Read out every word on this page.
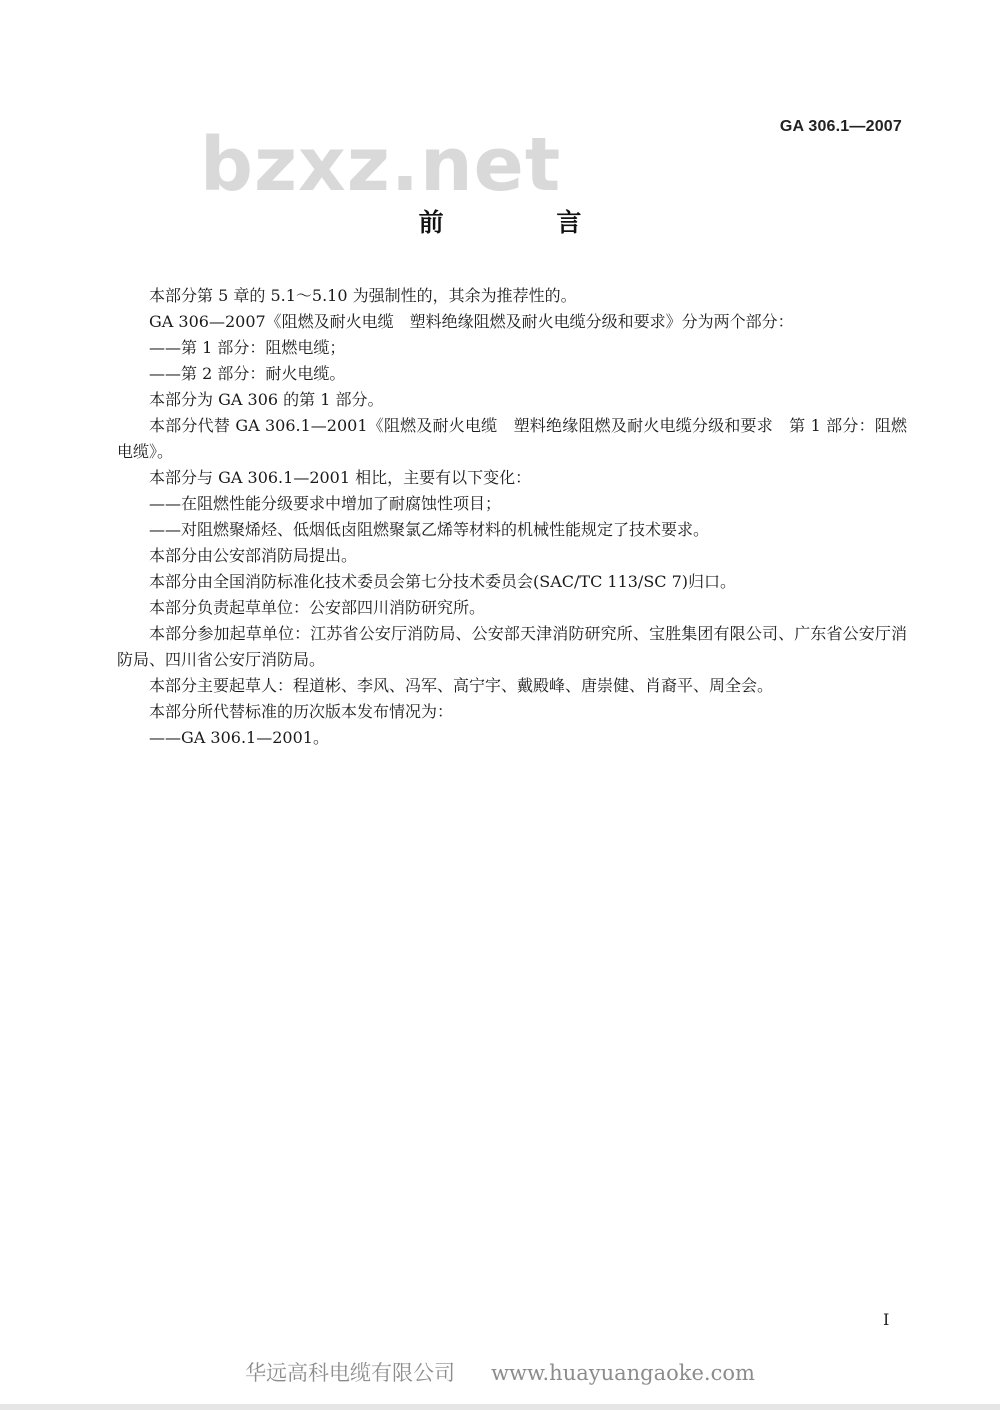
bzxz.net	GA 306.1—2007
前 言

本部分第 5 章的 5.1～5.10 为强制性的，其余为推荐性的。

GA 306—2007《阻燃及耐火电缆　塑料绝缘阻燃及耐火电缆分级和要求》分为两个部分：

——第 1 部分：阻燃电缆；

——第 2 部分：耐火电缆。

本部分为 GA 306 的第 1 部分。

本部分代替 GA 306.1—2001《阻燃及耐火电缆　塑料绝缘阻燃及耐火电缆分级和要求　第 1 部分：阻燃电缆》。

本部分与 GA 306.1—2001 相比，主要有以下变化：

——在阻燃性能分级要求中增加了耐腐蚀性项目；

——对阻燃聚烯烃、低烟低卤阻燃聚氯乙烯等材料的机械性能规定了技术要求。

本部分由公安部消防局提出。

本部分由全国消防标准化技术委员会第七分技术委员会(SAC/TC 113/SC 7)归口。

本部分负责起草单位：公安部四川消防研究所。

本部分参加起草单位：江苏省公安厅消防局、公安部天津消防研究所、宝胜集团有限公司、广东省公安厅消防局、四川省公安厅消防局。

本部分主要起草人：程道彬、李风、冯军、高宁宇、戴殿峰、唐崇健、肖裔平、周全会。

本部分所代替标准的历次版本发布情况为：

——GA 306.1—2001。

I
华远高科电缆有限公司 www.huayuangaoke.com
